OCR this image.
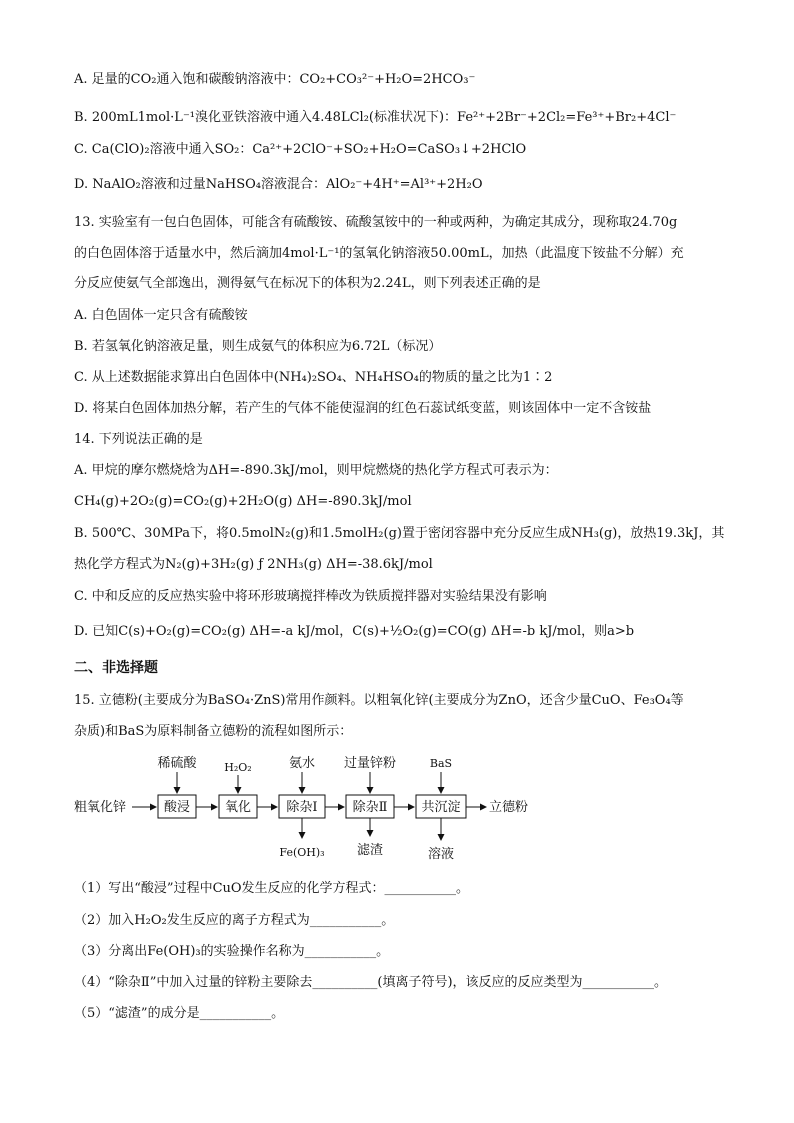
A. 足量的CO₂通入饱和碳酸钠溶液中：CO₂+CO₃²⁻+H₂O=2HCO₃⁻
B. 200mL1mol·L⁻¹溴化亚铁溶液中通入4.48LCl₂(标准状况下)：Fe²⁺+2Br⁻+2Cl₂=Fe³⁺+Br₂+4Cl⁻
C. Ca(ClO)₂溶液中通入SO₂：Ca²⁺+2ClO⁻+SO₂+H₂O=CaSO₃↓+2HClO
D. NaAlO₂溶液和过量NaHSO₄溶液混合：AlO₂⁻+4H⁺=Al³⁺+2H₂O
13. 实验室有一包白色固体，可能含有硫酸铵、硫酸氢铵中的一种或两种，为确定其成分，现称取24.70g
的白色固体溶于适量水中，然后滴加4mol·L⁻¹的氢氧化钠溶液50.00mL，加热（此温度下铵盐不分解）充
分反应使氨气全部逸出，测得氨气在标况下的体积为2.24L，则下列表述正确的是
A. 白色固体一定只含有硫酸铵
B. 若氢氧化钠溶液足量，则生成氨气的体积应为6.72L（标况）
C. 从上述数据能求算出白色固体中(NH₄)₂SO₄、NH₄HSO₄的物质的量之比为1∶2
D. 将某白色固体加热分解，若产生的气体不能使湿润的红色石蕊试纸变蓝，则该固体中一定不含铵盐
14. 下列说法正确的是
A. 甲烷的摩尔燃烧焓为ΔH=-890.3kJ/mol，则甲烷燃烧的热化学方程式可表示为：
CH₄(g)+2O₂(g)=CO₂(g)+2H₂O(g) ΔH=-890.3kJ/mol
B. 500℃、30MPa下，将0.5molN₂(g)和1.5molH₂(g)置于密闭容器中充分反应生成NH₃(g)，放热19.3kJ，其
热化学方程式为N₂(g)+3H₂(g) ƒ 2NH₃(g) ΔH=-38.6kJ/mol
C. 中和反应的反应热实验中将环形玻璃搅拌棒改为铁质搅拌器对实验结果没有影响
D. 已知C(s)+O₂(g)=CO₂(g) ΔH=-a kJ/mol，C(s)+½O₂(g)=CO(g) ΔH=-b kJ/mol，则a>b
二、非选择题
15. 立德粉(主要成分为BaSO₄·ZnS)常用作颜料。以粗氧化锌(主要成分为ZnO，还含少量CuO、Fe₃O₄等
杂质)和BaS为原料制备立德粉的流程如图所示：
粗氧化锌	酸浸	氧化	除杂Ⅰ	除杂Ⅱ	共沉淀 立德粉
稀硫酸	H₂O₂	氨水 过量锌粉	BaS
Fe(OH)₃ 滤渣	溶液
（1）写出“酸浸”过程中CuO发生反应的化学方程式：___________。
（2）加入H₂O₂发生反应的离子方程式为___________。
（3）分离出Fe(OH)₃的实验操作名称为___________。
（4）“除杂Ⅱ”中加入过量的锌粉主要除去__________(填离子符号)，该反应的反应类型为___________。
（5）“滤渣”的成分是___________。
